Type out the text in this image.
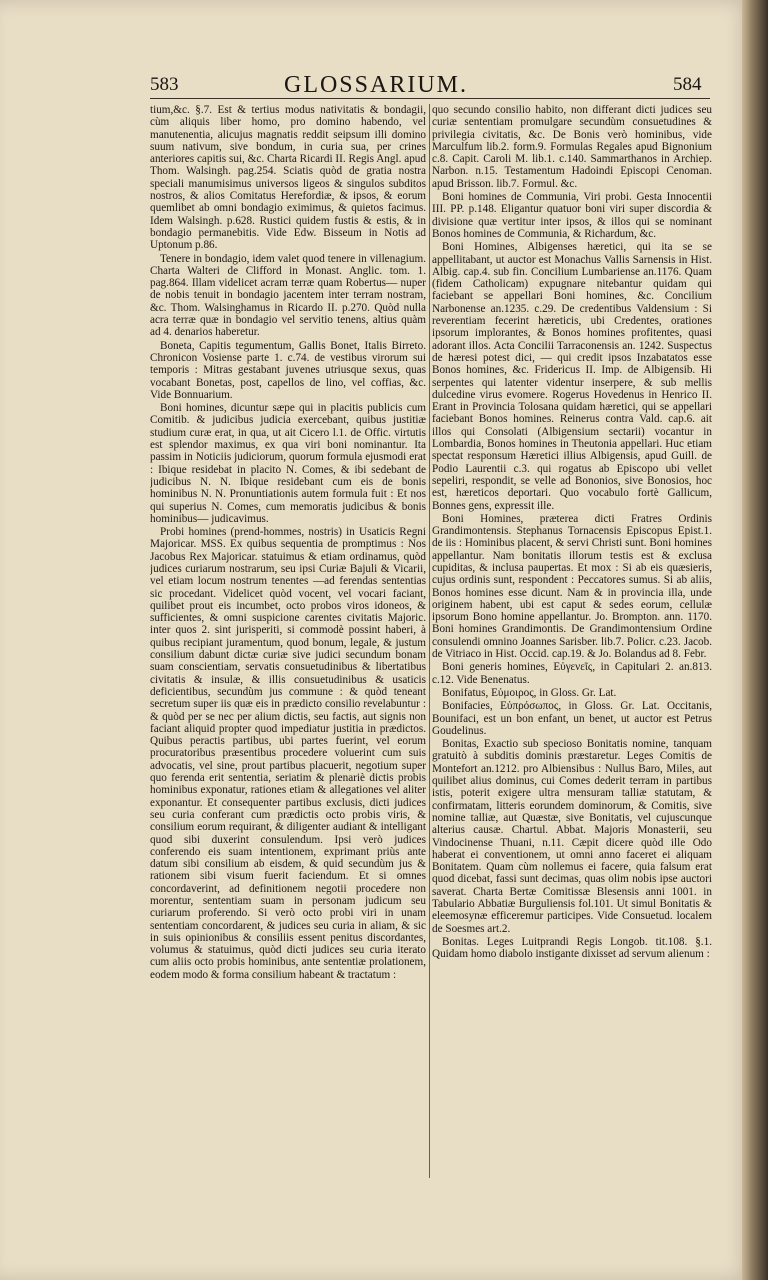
583	GLOSSARIUM.	584

tium,&c. §.7. Est & tertius modus nativitatis & bondagii, cùm aliquis liber homo, pro domino habendo, vel manutenentia, alicujus magnatis reddit seipsum illi domino suum nativum, sive bondum, in curia sua, per crines anteriores capitis sui, &c. Charta Ricardi II. Regis Angl. apud Thom. Walsingh. pag.254. Sciatis quòd de gratia nostra speciali manumisimus universos ligeos & singulos subditos nostros, & alios Comitatus Herefordiæ, & ipsos, & eorum quemlibet ab omni bondagio eximimus, & quietos facimus. Idem Walsingh. p.628. Rustici quidem fustis & estis, & in bondagio permanebitis. Vide Edw. Bisseum in Notis ad Uptonum p.86.

Tenere in bondagio, idem valet quod tenere in villenagium. Charta Walteri de Clifford in Monast. Anglic. tom. 1. pag.864. Illam videlicet acram terræ quam Robertus— nuper de nobis tenuit in bondagio jacentem inter terram nostram, &c. Thom. Walsinghamus in Ricardo II. p.270. Quòd nulla acra terræ quæ in bondagio vel servitio tenens, altius quàm ad 4. denarios haberetur.

Boneta, Capitis tegumentum, Gallis Bonet, Italis Birreto. Chronicon Vosiense parte 1. c.74. de vestibus virorum sui temporis : Mitras gestabant juvenes utriusque sexus, quas vocabant Bonetas, post, capellos de lino, vel coffias, &c. Vide Bonnuarium.

Boni homines, dicuntur sæpe qui in placitis publicis cum Comitib. & judicibus judicia exercebant, quibus justitiæ studium curæ erat, in qua, ut ait Cicero l.1. de Offic. virtutis est splendor maximus, ex qua viri boni nominantur. Ita passim in Noticiis judiciorum, quorum formula ejusmodi erat : Ibique residebat in placito N. Comes, & ibi sedebant de judicibus N. N. Ibique residebant cum eis de bonis hominibus N. N. Pronuntiationis autem formula fuit : Et nos qui superius N. Comes, cum memoratis judicibus & bonis hominibus— judicavimus.

Probi homines (prend-hommes, nostris) in Usaticis Regni Majoricar. MSS. Ex quibus sequentia de promptimus : Nos Jacobus Rex Majoricar. statuimus & etiam ordinamus, quòd judices curiarum nostrarum, seu ipsi Curiæ Bajuli & Vicarii, vel etiam locum nostrum tenentes —ad ferendas sententias sic procedant. Videlicet quòd vocent, vel vocari faciant, quilibet prout eis incumbet, octo probos viros idoneos, & sufficientes, & omni suspicione carentes civitatis Majoric. inter quos 2. sint jurisperiti, si commodè possint haberi, à quibus recipiant juramentum, quod bonum, legale, & justum consilium dabunt dictæ curiæ sive judici secundum bonam suam conscientiam, servatis consuetudinibus & libertatibus civitatis & insulæ, & illis consuetudinibus & usaticis deficientibus, secundùm jus commune : & quòd teneant secretum super iis quæ eis in prædicto consilio revelabuntur : & quòd per se nec per alium dictis, seu factis, aut signis non faciant aliquid propter quod impediatur justitia in prædictos. Quibus peractis partibus, ubi partes fuerint, vel eorum procuratoribus præsentibus procedere voluerint cum suis advocatis, vel sine, prout partibus placuerit, negotium super quo ferenda erit sententia, seriatim & plenariè dictis probis hominibus exponatur, rationes etiam & allegationes vel aliter exponantur. Et consequenter partibus exclusis, dicti judices seu curia conferant cum prædictis octo probis viris, & consilium eorum requirant, & diligenter audiant & intelligant quod sibi duxerint consulendum. Ipsi verò judices conferendo eis suam intentionem, exprimant priùs ante datum sibi consilium ab eisdem, & quid secundùm jus & rationem sibi visum fuerit faciendum. Et si omnes concordaverint, ad definitionem negotii procedere non morentur, sententiam suam in personam judicum seu curiarum proferendo. Si verò octo probi viri in unam sententiam concordarent, & judices seu curia in aliam, & sic in suis opinionibus & consiliis essent penitus discordantes, volumus & statuimus, quòd dicti judices seu curia iterato cum aliis octo probis hominibus, ante sententiæ prolationem, eodem modo & forma consilium habeant & tractatum :

quo secundo consilio habito, non differant dicti judices seu curiæ sententiam promulgare secundùm consuetudines & privilegia civitatis, &c. De Bonis verò hominibus, vide Marculfum lib.2. form.9. Formulas Regales apud Bignonium c.8. Capit. Caroli M. lib.1. c.140. Sammarthanos in Archiep. Narbon. n.15. Testamentum Hadoindi Episcopi Cenoman. apud Brisson. lib.7. Formul. &c.

Boni homines de Communia, Viri probi. Gesta Innocentii III. PP. p.148. Eligantur quatuor boni viri super discordia & divisione quæ vertitur inter ipsos, & illos qui se nominant Bonos homines de Communia, & Richardum, &c.

Boni Homines, Albigenses hæretici, qui ita se se appellitabant, ut auctor est Monachus Vallis Sarnensis in Hist. Albig. cap.4. sub fin. Concilium Lumbariense an.1176. Quam (fidem Catholicam) expugnare nitebantur quidam qui faciebant se appellari Boni homines, &c. Concilium Narbonense an.1235. c.29. De credentibus Valdensium : Si reverentiam fecerint hæreticis, ubi Credentes, orationes ipsorum implorantes, & Bonos homines profitentes, quasi adorant illos. Acta Concilii Tarraconensis an. 1242. Suspectus de hæresi potest dici, — qui credit ipsos Inzabatatos esse Bonos homines, &c. Fridericus II. Imp. de Albigensib. Hi serpentes qui latenter videntur inserpere, & sub mellis dulcedine virus evomere. Rogerus Hovedenus in Henrico II. Erant in Provincia Tolosana quidam hæretici, qui se appellari faciebant Bonos homines. Reinerus contra Vald. cap.6. ait illos qui Consolati (Albigensium sectarii) vocantur in Lombardia, Bonos homines in Theutonia appellari. Huc etiam spectat responsum Hæretici illius Albigensis, apud Guill. de Podio Laurentii c.3. qui rogatus ab Episcopo ubi vellet sepeliri, respondit, se velle ad Bononios, sive Bonosios, hoc est, hæreticos deportari. Quo vocabulo fortè Gallicum, Bonnes gens, expressit ille.

Boni Homines, præterea dicti Fratres Ordinis Grandimontensis. Stephanus Tornacensis Episcopus Epist.1. de iis : Hominibus placent, & servi Christi sunt. Boni homines appellantur. Nam bonitatis illorum testis est & exclusa cupiditas, & inclusa paupertas. Et mox : Si ab eis quæsieris, cujus ordinis sunt, respondent : Peccatores sumus. Si ab aliis, Bonos homines esse dicunt. Nam & in provincia illa, unde originem habent, ubi est caput & sedes eorum, cellulæ ipsorum Bono homine appellantur. Jo. Brompton. ann. 1170. Boni homines Grandimontis. De Grandimontensium Ordine consulendi omnino Joannes Sarisber. lib.7. Policr. c.23. Jacob. de Vitriaco in Hist. Occid. cap.19. & Jo. Bolandus ad 8. Febr.

Boni generis homines, Εὐγενεῖς, in Capitulari 2. an.813. c.12. Vide Benenatus.

Bonifatus, Εὐμοιρος, in Gloss. Gr. Lat.

Bonifacies, Εὐπρόσωπος, in Gloss. Gr. Lat. Occitanis, Bounifaci, est un bon enfant, un benet, ut auctor est Petrus Goudelinus.

Bonitas, Exactio sub specioso Bonitatis nomine, tanquam gratuitò à subditis dominis præstaretur. Leges Comitis de Montefort an.1212. pro Albiensibus : Nullus Baro, Miles, aut quilibet alius dominus, cui Comes dederit terram in partibus istis, poterit exigere ultra mensuram talliæ statutam, & confirmatam, litteris eorundem dominorum, & Comitis, sive nomine talliæ, aut Quæstæ, sive Bonitatis, vel cujuscunque alterius causæ. Chartul. Abbat. Majoris Monasterii, seu Vindocinense Thuani, n.11. Cæpit dicere quòd ille Odo haberat ei conventionem, ut omni anno faceret ei aliquam Bonitatem. Quam cùm nollemus ei facere, quia falsum erat quod dicebat, fassi sunt decimas, quas olim nobis ipse auctori saverat. Charta Bertæ Comitissæ Blesensis anni 1001. in Tabulario Abbatiæ Burguliensis fol.101. Ut simul Bonitatis & eleemosynæ efficeremur participes. Vide Consuetud. localem de Soesmes art.2.

Bonitas. Leges Luitprandi Regis Longob. tit.108. §.1. Quidam homo diabolo instigante dixisset ad servum alienum :
